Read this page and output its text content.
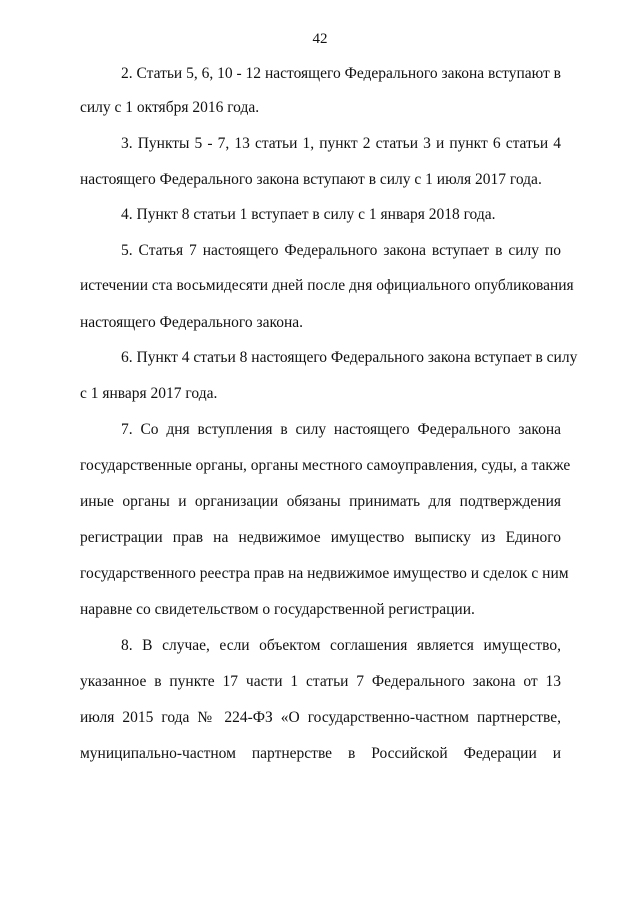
42
2. Статьи 5, 6, 10 - 12 настоящего Федерального закона вступают в
силу с 1 октября 2016 года.
3. Пункты 5 - 7, 13 статьи 1, пункт 2 статьи 3 и пункт 6 статьи 4
настоящего Федерального закона вступают в силу с 1 июля 2017 года.
4. Пункт 8 статьи 1 вступает в силу с 1 января 2018 года.
5. Статья 7 настоящего Федерального закона вступает в силу по
истечении ста восьмидесяти дней после дня официального опубликования
настоящего Федерального закона.
6. Пункт 4 статьи 8 настоящего Федерального закона вступает в силу
с 1 января 2017 года.
7. Со дня вступления в силу настоящего Федерального закона
государственные органы, органы местного самоуправления, суды, а также
иные органы и организации обязаны принимать для подтверждения
регистрации прав на недвижимое имущество выписку из Единого
государственного реестра прав на недвижимое имущество и сделок с ним
наравне со свидетельством о государственной регистрации.
8. В случае, если объектом соглашения является имущество,
указанное в пункте 17 части 1 статьи 7 Федерального закона от 13
июля 2015 года № 224-ФЗ «О государственно-частном партнерстве,
муниципально-частном партнерстве в Российской Федерации и
